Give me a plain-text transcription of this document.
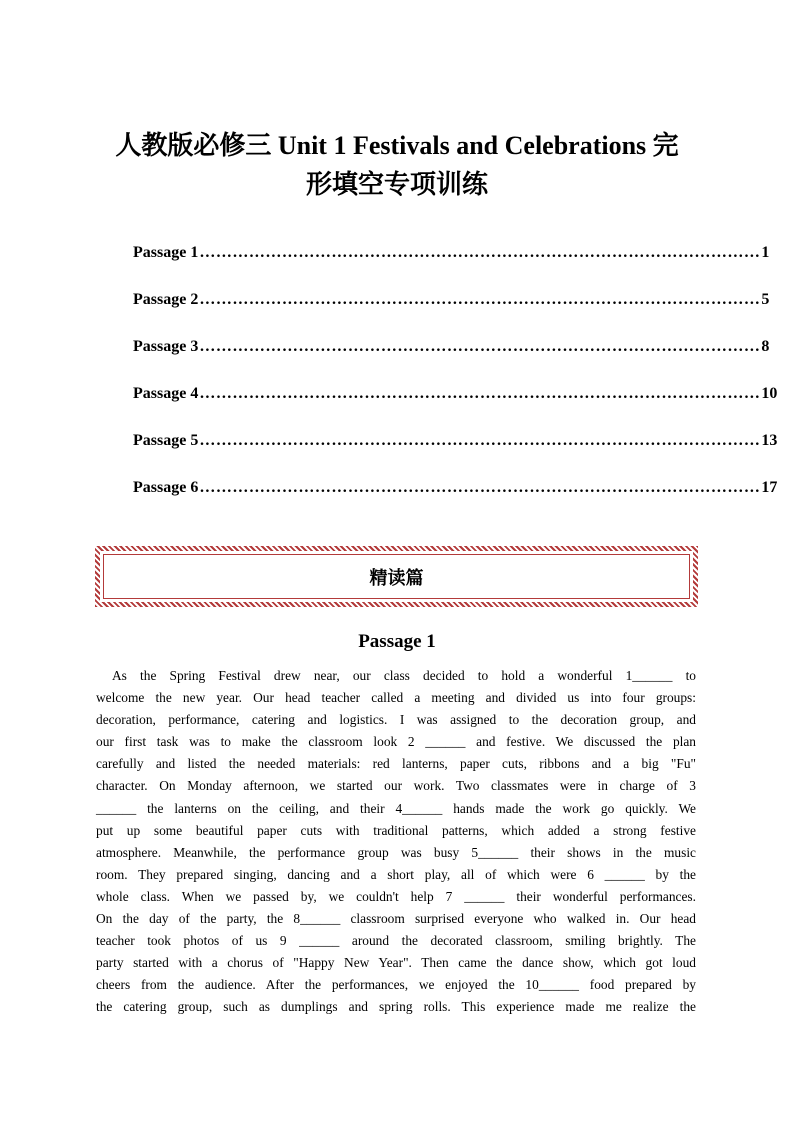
人教版必修三 Unit 1 Festivals and Celebrations 完
形填空专项训练
Passage 1 ………………………………………………………………………………………… 1
Passage 2 ………………………………………………………………………………………… 5
Passage 3 ………………………………………………………………………………………… 8
Passage 4 ………………………………………………………………………………………… 10
Passage 5 ………………………………………………………………………………………… 13
Passage 6 ………………………………………………………………………………………… 17
精读篇
Passage 1
As the Spring Festival drew near, our class decided to hold a wonderful 1______ to
welcome the new year. Our head teacher called a meeting and divided us into four groups:
decoration, performance, catering and logistics. I was assigned to the decoration group, and
our first task was to make the classroom look 2 ______ and festive. We discussed the plan
carefully and listed the needed materials: red lanterns, paper cuts, ribbons and a big "Fu"
character. On Monday afternoon, we started our work. Two classmates were in charge of 3
______ the lanterns on the ceiling, and their 4______ hands made the work go quickly. We
put up some beautiful paper cuts with traditional patterns, which added a strong festive
atmosphere. Meanwhile, the performance group was busy 5______ their shows in the music
room. They prepared singing, dancing and a short play, all of which were 6 ______ by the
whole class. When we passed by, we couldn't help 7 ______ their wonderful performances.
On the day of the party, the 8______ classroom surprised everyone who walked in. Our head
teacher took photos of us 9 ______ around the decorated classroom, smiling brightly. The
party started with a chorus of "Happy New Year". Then came the dance show, which got loud
cheers from the audience. After the performances, we enjoyed the 10______ food prepared by
the catering group, such as dumplings and spring rolls. This experience made me realize the
